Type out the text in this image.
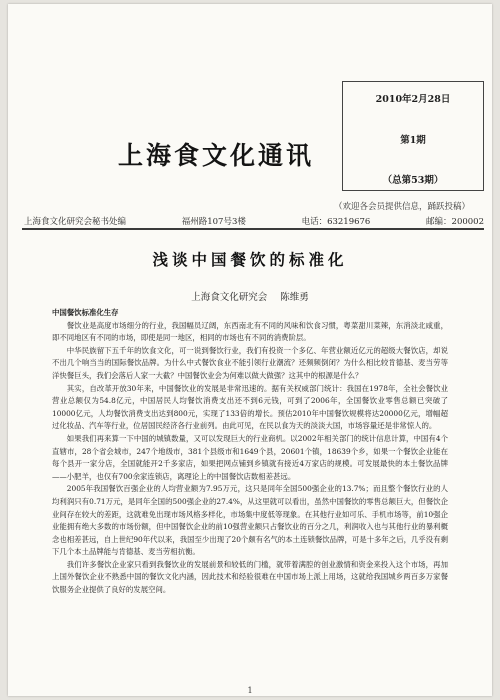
2010年2月28日
第1期
（总第53期）
上海食文化通讯
（欢迎各会员提供信息，踊跃投稿）
上海食文化研究会秘书处编	福州路107号3楼	电话：63219676	邮编：200002
浅谈中国餐饮的标准化
上海食文化研究会 陈维勇
中国餐饮标准化生存

餐饮业是高度市场细分的行业，我国幅员辽阔，东西南北有不同的风味和饮食习惯，粤菜甜川菜辣，东消淡北咸重，即不同地区有不同的市场，即使是同一地区，相同的市场也有不同的消费阶层。

中华民族留下五千年的饮食文化，可一说到餐饮行业，我们有投资一个多亿、年营业额近亿元的超级大餐饮店，却说不出几个响当当的国际餐饮品牌。为什么中式餐饮食业不能引领行业潮流？还频频倒闭？为什么相比较肯德基、麦当劳等洋快餐巨头，我们会落后人家一大截？中国餐饮业会为何难以做大做强？这其中的根源是什么？

其实，自改革开放30年来，中国餐饮业的发展是非常迅速的。据有关权威部门统计：我国在1978年，全社会餐饮业营业总额仅为54.8亿元，中国居民人均餐饮消费支出还不到6元钱，可到了2006年，全国餐饮业零售总额已突破了10000亿元，人均餐饮消费支出达到800元，实现了133倍的增长。预估2010年中国餐饮规模将达20000亿元，增幅超过化妆品、汽车等行业，位居国民经济各行业前列。由此可见，在民以食为天的淡淡大国，市场容量还是非常惊人的。

如果我们再来算一下中国的城镇数量，又可以发现巨大的行业商机。以2002年相关部门的统计信息计算，中国有4个直辖市，28个省会城市，247个地级市，381个县级市和1649个县，20601个镇，18639个乡，如果一个餐饮企业能在每个县开一家分店，全国就能开2千多家店，如果把网点铺到乡镇就有接近4万家店的规模。可发展最快的本土餐饮品牌——小肥羊，也仅有700余家连锁店，离理论上的中国餐饮店数相差甚远。

2005年我国餐饮百强企业的人均营业额为7.95万元，这只是同年全国500强企业的13.7%；而且整个餐饮行业的人均利润只有0.71万元，是同年全国的500强企业的27.4%，从这里就可以看出，虽然中国餐饮的零售总额巨大，但餐饮企业间存在较大的差距，这就难免出现市场风格多样化，市场集中度低等现象。在其他行业如可乐、手机市场等，前10强企业能拥有绝大多数的市场份额，但中国餐饮企业的前10强营业额只占餐饮业的百分之几，利润收入也与其他行业的暴利概念也相差甚远，自上世纪90年代以来，我国至少出现了20个颇有名气的本土连锁餐饮品牌，可是十多年之后，几乎没有剩下几个本土品牌能与肯德基、麦当劳相抗衡。

我们许多餐饮企业家只看到我餐饮业的发展前景和较低的门槛，就带着满腔的创业激情和资金来投入这个市场，再加上国外餐饮企业不熟悉中国的餐饮文化内涵，因此技术和经验很难在中国市场上派上用场，这就给我国城乡两百多万家餐饮服务企业提供了良好的发展空间。

1
